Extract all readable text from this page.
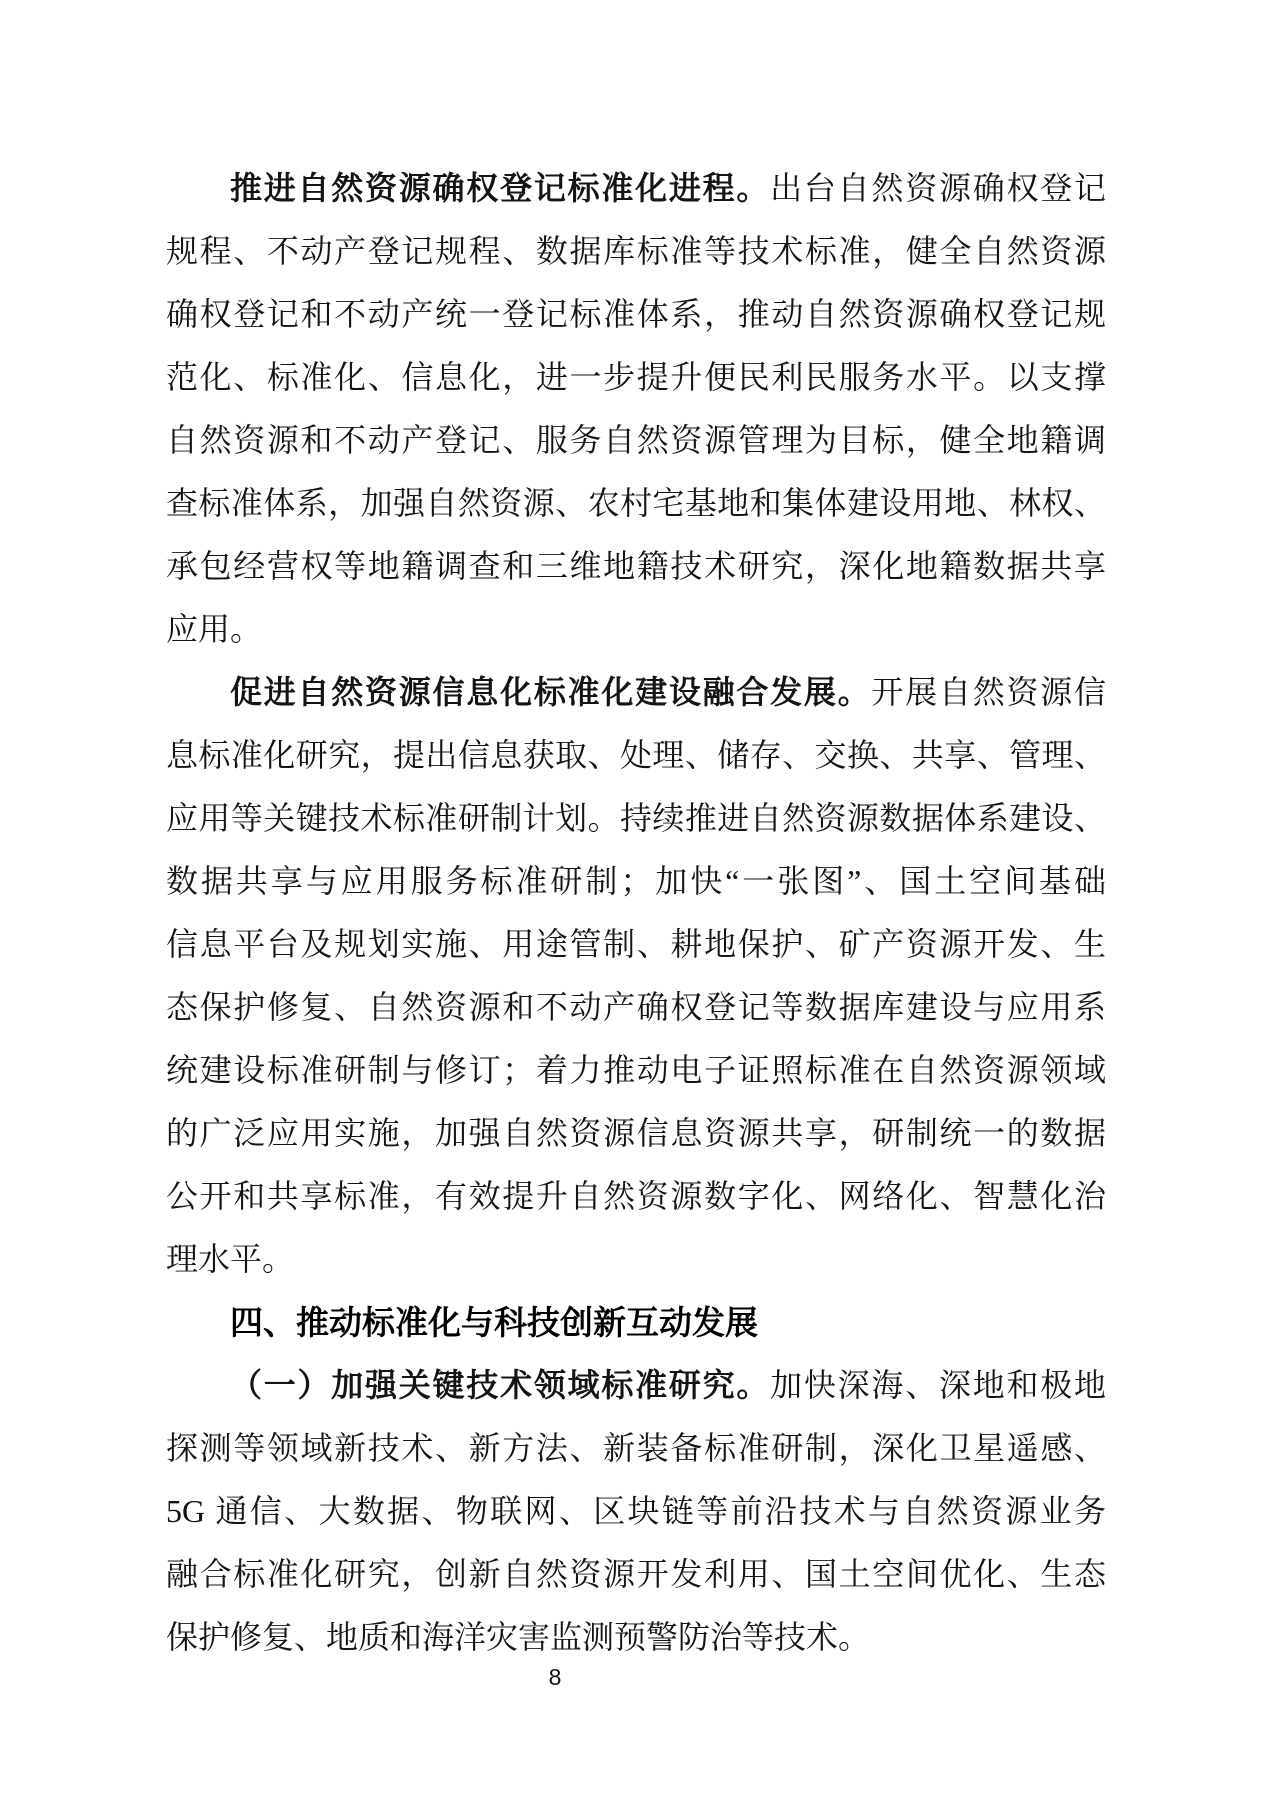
推进自然资源确权登记标准化进程。出台自然资源确权登记
规程、不动产登记规程、数据库标准等技术标准，健全自然资源
确权登记和不动产统一登记标准体系，推动自然资源确权登记规
范化、标准化、信息化，进一步提升便民利民服务水平。以支撑
自然资源和不动产登记、服务自然资源管理为目标，健全地籍调
查标准体系，加强自然资源、农村宅基地和集体建设用地、林权、
承包经营权等地籍调查和三维地籍技术研究，深化地籍数据共享
应用。
促进自然资源信息化标准化建设融合发展。开展自然资源信
息标准化研究，提出信息获取、处理、储存、交换、共享、管理、
应用等关键技术标准研制计划。持续推进自然资源数据体系建设、
数据共享与应用服务标准研制；加快“一张图”、国土空间基础
信息平台及规划实施、用途管制、耕地保护、矿产资源开发、生
态保护修复、自然资源和不动产确权登记等数据库建设与应用系
统建设标准研制与修订；着力推动电子证照标准在自然资源领域
的广泛应用实施，加强自然资源信息资源共享，研制统一的数据
公开和共享标准，有效提升自然资源数字化、网络化、智慧化治
理水平。
四、推动标准化与科技创新互动发展
（一）加强关键技术领域标准研究。加快深海、深地和极地
探测等领域新技术、新方法、新装备标准研制，深化卫星遥感、
5G 通信、大数据、物联网、区块链等前沿技术与自然资源业务
融合标准化研究，创新自然资源开发利用、国土空间优化、生态
保护修复、地质和海洋灾害监测预警防治等技术。
8
